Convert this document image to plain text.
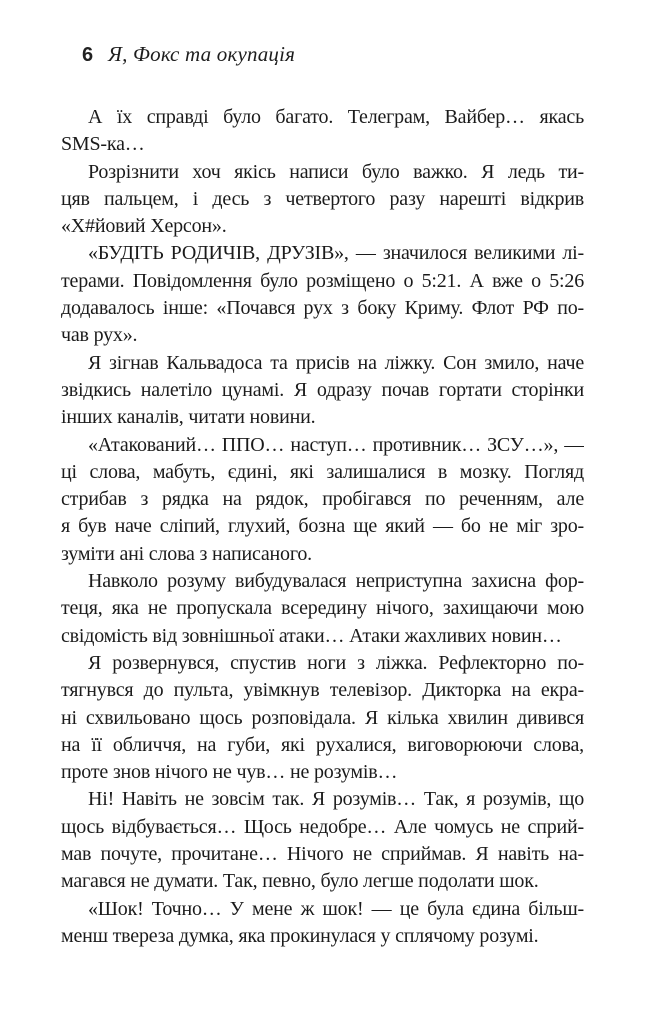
6 Я, Фокс та окупація
А їх справді було багато. Телеграм, Вайбер… якась
SMS-ка…
Розрізнити хоч якісь написи було важко. Я ледь ти-
цяв пальцем, і десь з четвертого разу нарешті відкрив
«Х#йовий Херсон».
«БУДІТЬ РОДИЧІВ, ДРУЗІВ», — значилося великими лі-
терами. Повідомлення було розміщено о 5:21. А вже о 5:26
додавалось інше: «Почався рух з боку Криму. Флот РФ по-
чав рух».
Я зігнав Кальвадоса та присів на ліжку. Сон змило, наче
звідкись налетіло цунамі. Я одразу почав гортати сторінки
інших каналів, читати новини.
«Атакований… ППО… наступ… противник… ЗСУ…», —
ці слова, мабуть, єдині, які залишалися в мозку. Погляд
стрибав з рядка на рядок, пробігався по реченням, але
я був наче сліпий, глухий, бозна ще який — бо не міг зро-
зуміти ані слова з написаного.
Навколо розуму вибудувалася неприступна захисна фор-
теця, яка не пропускала всередину нічого, захищаючи мою
свідомість від зовнішньої атаки… Атаки жахливих новин…
Я розвернувся, спустив ноги з ліжка. Рефлекторно по-
тягнувся до пульта, увімкнув телевізор. Дикторка на екра-
ні схвильовано щось розповідала. Я кілька хвилин дивився
на її обличчя, на губи, які рухалися, виговорюючи слова,
проте знов нічого не чув… не розумів…
Ні! Навіть не зовсім так. Я розумів… Так, я розумів, що
щось відбувається… Щось недобре… Але чомусь не сприй-
мав почуте, прочитане… Нічого не сприймав. Я навіть на-
магався не думати. Так, певно, було легше подолати шок.
«Шок! Точно… У мене ж шок! — це була єдина більш-
менш твереза думка, яка прокинулася у сплячому розумі.
